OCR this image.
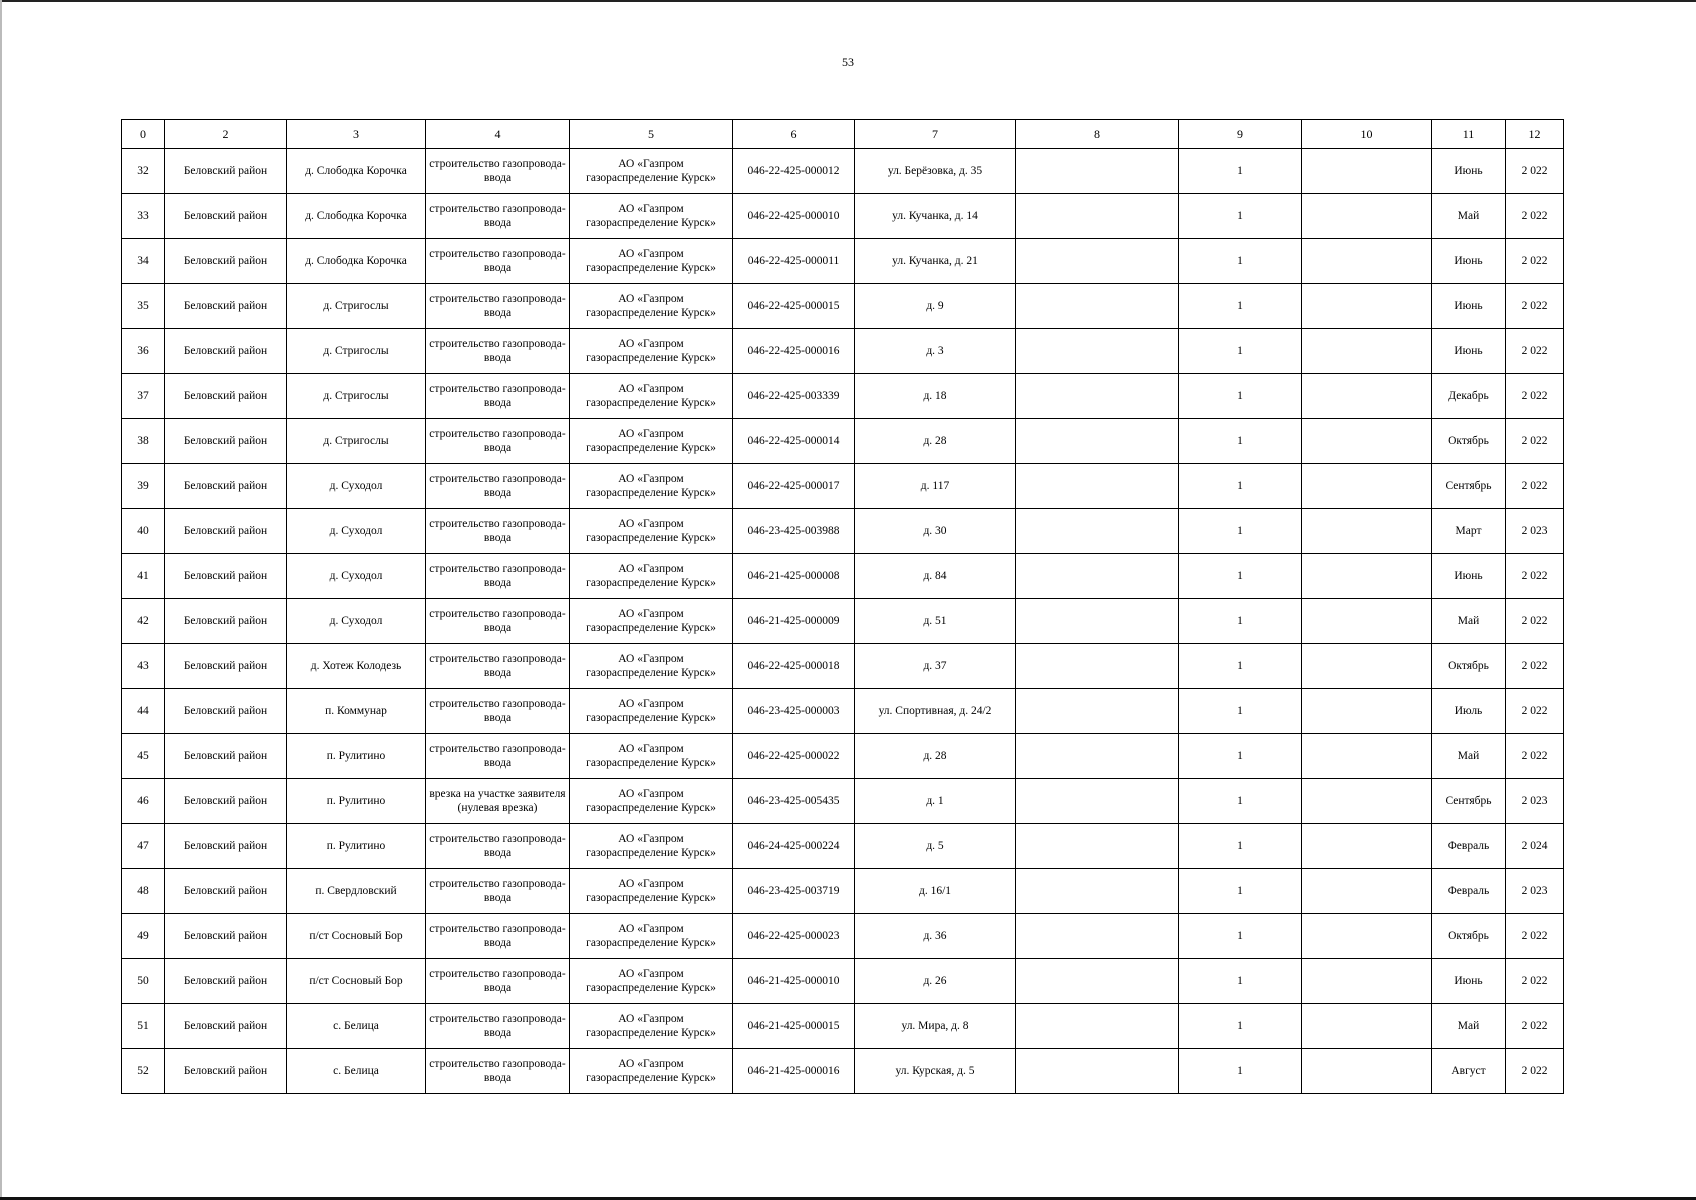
53
0	2	3	4	5	6	7	8	9	10	11	12
32	Беловский район	д. Слободка Корочка	строительство газопровода-ввода	АО «Газпром газораспределение Курск»	046-22-425-000012	ул. Берёзовка, д. 35		1		Июнь	2 022
33	Беловский район	д. Слободка Корочка	строительство газопровода-ввода	АО «Газпром газораспределение Курск»	046-22-425-000010	ул. Кучанка, д. 14		1		Май	2 022
34	Беловский район	д. Слободка Корочка	строительство газопровода-ввода	АО «Газпром газораспределение Курск»	046-22-425-000011	ул. Кучанка, д. 21		1		Июнь	2 022
35	Беловский район	д. Стригослы	строительство газопровода-ввода	АО «Газпром газораспределение Курск»	046-22-425-000015	д. 9		1		Июнь	2 022
36	Беловский район	д. Стригослы	строительство газопровода-ввода	АО «Газпром газораспределение Курск»	046-22-425-000016	д. 3		1		Июнь	2 022
37	Беловский район	д. Стригослы	строительство газопровода-ввода	АО «Газпром газораспределение Курск»	046-22-425-003339	д. 18		1		Декабрь	2 022
38	Беловский район	д. Стригослы	строительство газопровода-ввода	АО «Газпром газораспределение Курск»	046-22-425-000014	д. 28		1		Октябрь	2 022
39	Беловский район	д. Суходол	строительство газопровода-ввода	АО «Газпром газораспределение Курск»	046-22-425-000017	д. 117		1		Сентябрь	2 022
40	Беловский район	д. Суходол	строительство газопровода-ввода	АО «Газпром газораспределение Курск»	046-23-425-003988	д. 30		1		Март	2 023
41	Беловский район	д. Суходол	строительство газопровода-ввода	АО «Газпром газораспределение Курск»	046-21-425-000008	д. 84		1		Июнь	2 022
42	Беловский район	д. Суходол	строительство газопровода-ввода	АО «Газпром газораспределение Курск»	046-21-425-000009	д. 51		1		Май	2 022
43	Беловский район	д. Хотеж Колодезь	строительство газопровода-ввода	АО «Газпром газораспределение Курск»	046-22-425-000018	д. 37		1		Октябрь	2 022
44	Беловский район	п. Коммунар	строительство газопровода-ввода	АО «Газпром газораспределение Курск»	046-23-425-000003	ул. Спортивная, д. 24/2		1		Июль	2 022
45	Беловский район	п. Рулитино	строительство газопровода-ввода	АО «Газпром газораспределение Курск»	046-22-425-000022	д. 28		1		Май	2 022
46	Беловский район	п. Рулитино	врезка на участке заявителя (нулевая врезка)	АО «Газпром газораспределение Курск»	046-23-425-005435	д. 1		1		Сентябрь	2 023
47	Беловский район	п. Рулитино	строительство газопровода-ввода	АО «Газпром газораспределение Курск»	046-24-425-000224	д. 5		1		Февраль	2 024
48	Беловский район	п. Свердловский	строительство газопровода-ввода	АО «Газпром газораспределение Курск»	046-23-425-003719	д. 16/1		1		Февраль	2 023
49	Беловский район	п/ст Сосновый Бор	строительство газопровода-ввода	АО «Газпром газораспределение Курск»	046-22-425-000023	д. 36		1		Октябрь	2 022
50	Беловский район	п/ст Сосновый Бор	строительство газопровода-ввода	АО «Газпром газораспределение Курск»	046-21-425-000010	д. 26		1		Июнь	2 022
51	Беловский район	с. Белица	строительство газопровода-ввода	АО «Газпром газораспределение Курск»	046-21-425-000015	ул. Мира, д. 8		1		Май	2 022
52	Беловский район	с. Белица	строительство газопровода-ввода	АО «Газпром газораспределение Курск»	046-21-425-000016	ул. Курская, д. 5		1		Август	2 022
